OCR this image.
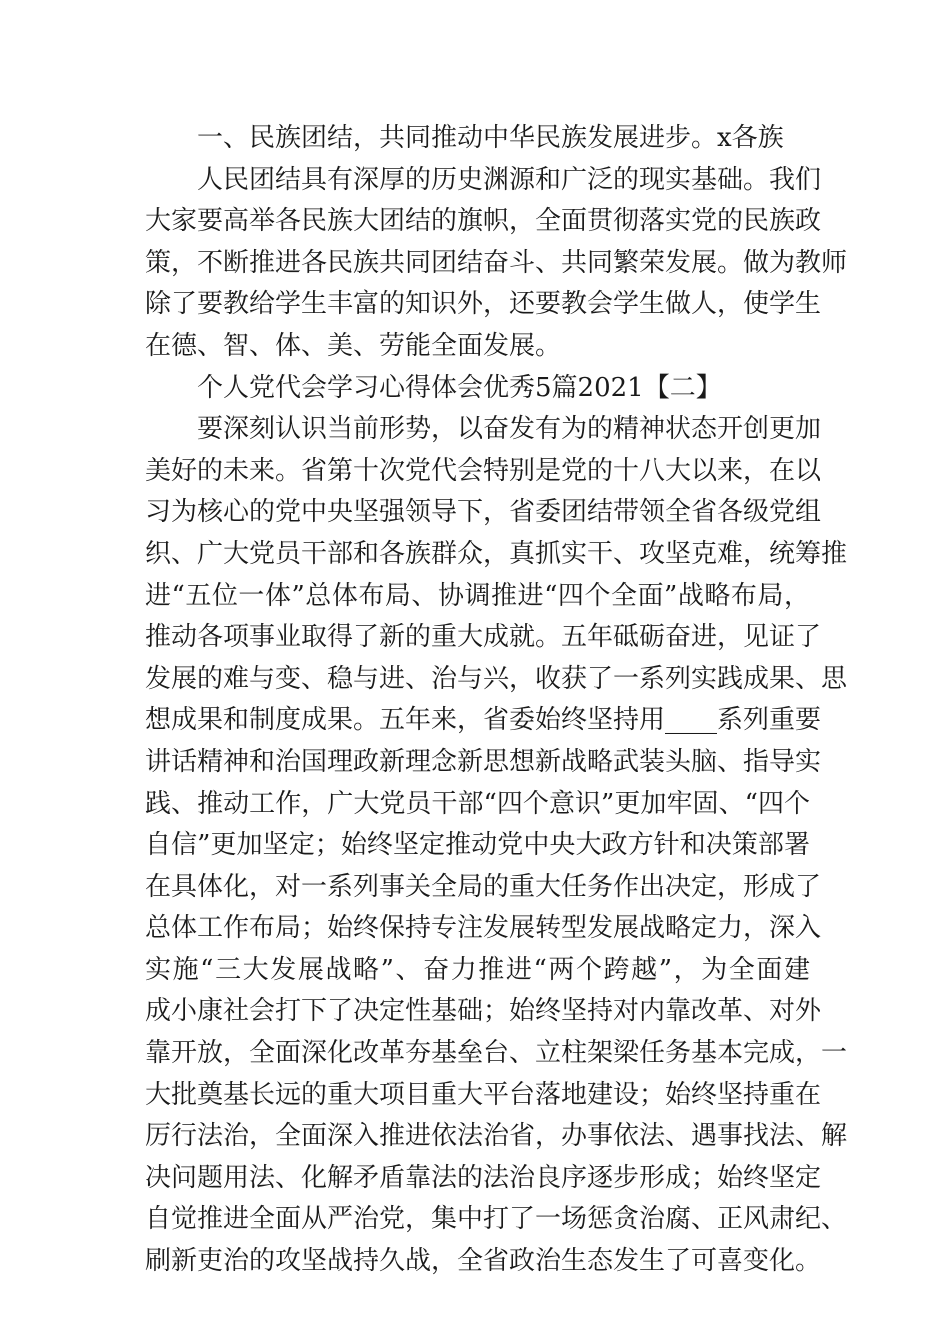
一、民族团结，共同推动中华民族发展进步。x各族
人民团结具有深厚的历史渊源和广泛的现实基础。我们
大家要高举各民族大团结的旗帜，全面贯彻落实党的民族政
策，不断推进各民族共同团结奋斗、共同繁荣发展。做为教师
除了要教给学生丰富的知识外，还要教会学生做人，使学生
在德、智、体、美、劳能全面发展。
个人党代会学习心得体会优秀5篇2021【二】
要深刻认识当前形势，以奋发有为的精神状态开创更加
美好的未来。省第十次党代会特别是党的十八大以来，在以
习为核心的党中央坚强领导下，省委团结带领全省各级党组
织、广大党员干部和各族群众，真抓实干、攻坚克难，统筹推
进“五位一体”总体布局、协调推进“四个全面”战略布局，
推动各项事业取得了新的重大成就。五年砥砺奋进，见证了
发展的难与变、稳与进、治与兴，收获了一系列实践成果、思
想成果和制度成果。五年来，省委始终坚持用____系列重要
讲话精神和治国理政新理念新思想新战略武装头脑、指导实
践、推动工作，广大党员干部“四个意识”更加牢固、“四个
自信”更加坚定；始终坚定推动党中央大政方针和决策部署
在具体化，对一系列事关全局的重大任务作出决定，形成了
总体工作布局；始终保持专注发展转型发展战略定力，深入
实施“三大发展战略”、奋力推进“两个跨越”，为全面建
成小康社会打下了决定性基础；始终坚持对内靠改革、对外
靠开放，全面深化改革夯基垒台、立柱架梁任务基本完成，一
大批奠基长远的重大项目重大平台落地建设；始终坚持重在
厉行法治，全面深入推进依法治省，办事依法、遇事找法、解
决问题用法、化解矛盾靠法的法治良序逐步形成；始终坚定
自觉推进全面从严治党，集中打了一场惩贪治腐、正风肃纪、
刷新吏治的攻坚战持久战，全省政治生态发生了可喜变化。
